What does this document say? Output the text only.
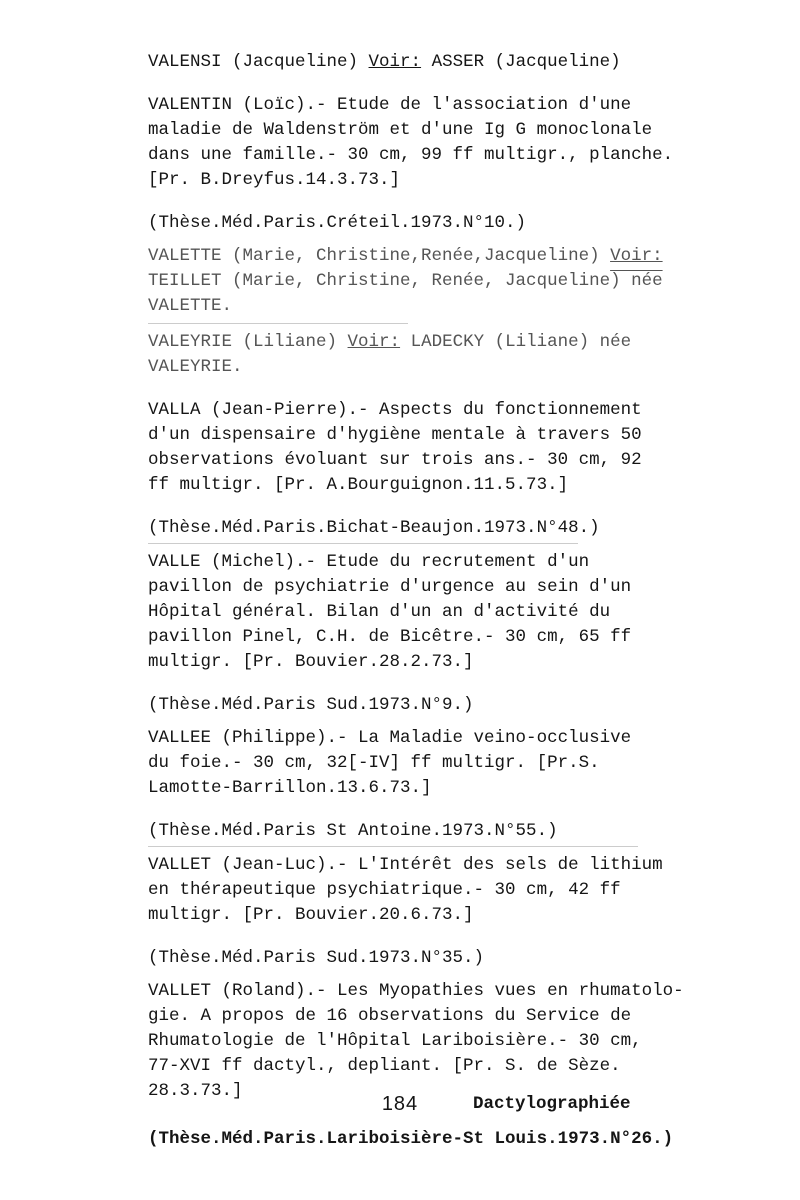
VALENSI (Jacqueline) Voir: ASSER (Jacqueline)
VALENTIN (Loïc).- Etude de l'association d'une
maladie de Waldenström et d'une Ig G monoclonale
dans une famille.- 30 cm, 99 ff multigr., planche.
[Pr. B.Dreyfus.14.3.73.]
(Thèse.Méd.Paris.Créteil.1973.N°10.)
VALETTE (Marie, Christine,Renée,Jacqueline) Voir:
TEILLET (Marie, Christine, Renée, Jacqueline) née
VALETTE.
VALEYRIE (Liliane) Voir: LADECKY (Liliane) née
VALEYRIE.
VALLA (Jean-Pierre).- Aspects du fonctionnement
d'un dispensaire d'hygiène mentale à travers 50
observations évoluant sur trois ans.- 30 cm, 92
ff multigr. [Pr. A.Bourguignon.11.5.73.]
(Thèse.Méd.Paris.Bichat-Beaujon.1973.N°48.)
VALLE (Michel).- Etude du recrutement d'un
pavillon de psychiatrie d'urgence au sein d'un
Hôpital général. Bilan d'un an d'activité du
pavillon Pinel, C.H. de Bicêtre.- 30 cm, 65 ff
multigr. [Pr. Bouvier.28.2.73.]
(Thèse.Méd.Paris Sud.1973.N°9.)
VALLEE (Philippe).- La Maladie veino-occlusive
du foie.- 30 cm, 32[-IV] ff multigr. [Pr.S.
Lamotte-Barrillon.13.6.73.]
(Thèse.Méd.Paris St Antoine.1973.N°55.)
VALLET (Jean-Luc).- L'Intérêt des sels de lithium
en thérapeutique psychiatrique.- 30 cm, 42 ff
multigr. [Pr. Bouvier.20.6.73.]
(Thèse.Méd.Paris Sud.1973.N°35.)
VALLET (Roland).- Les Myopathies vues en rhumatolo-
gie. A propos de 16 observations du Service de
Rhumatologie de l'Hôpital Lariboisière.- 30 cm,
77-XVI ff dactyl., depliant. [Pr. S. de Sèze.
28.3.73.]
Dactylographiée
(Thèse.Méd.Paris.Lariboisière-St Louis.1973.N°26.)
184
